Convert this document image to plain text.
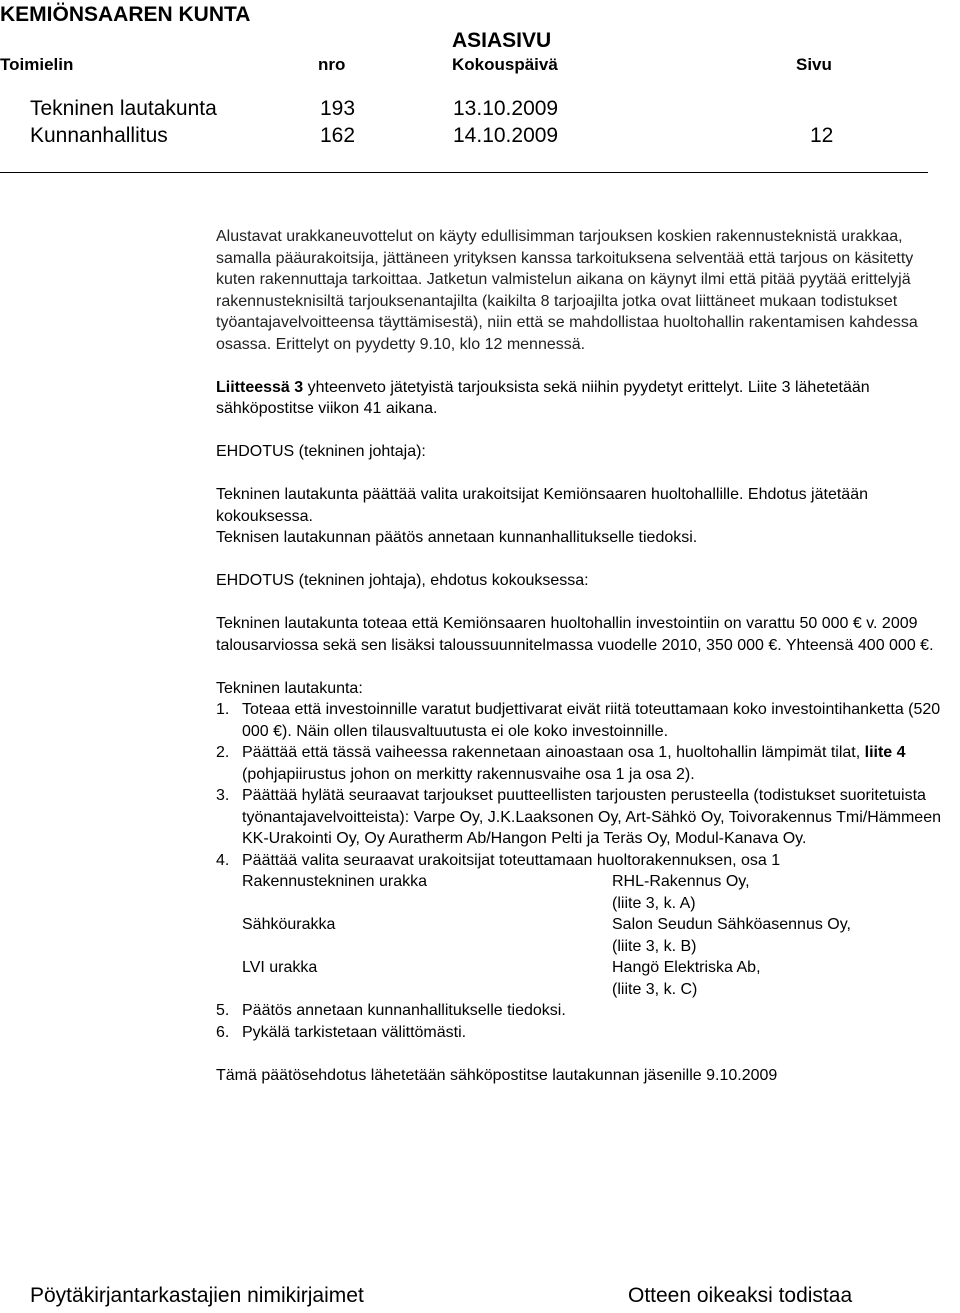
KEMIÖNSAAREN KUNTA
ASIASIVU
Toimielin	nro	Kokouspäivä	Sivu
Tekninen lautakunta	193	13.10.2009
Kunnanhallitus	162	14.10.2009	12

Alustavat urakkaneuvottelut on käyty edullisimman tarjouksen koskien rakennusteknistä urakkaa, samalla pääurakoitsija, jättäneen yrityksen kanssa tarkoituksena selventää että tarjous on käsitetty kuten rakennuttaja tarkoittaa. Jatketun valmistelun aikana on käynyt ilmi että pitää pyytää erittelyjä rakennusteknisiltä tarjouksenantajilta (kaikilta 8 tarjoajilta jotka ovat liittäneet mukaan todistukset työantajavelvoitteensa täyttämisestä), niin että se mahdollistaa huoltohallin rakentamisen kahdessa osassa. Erittelyt on pyydetty 9.10, klo 12 mennessä.

Liitteessä 3 yhteenveto jätetyistä tarjouksista sekä niihin pyydetyt erittelyt. Liite 3 lähetetään sähköpostitse viikon 41 aikana.

EHDOTUS (tekninen johtaja):

Tekninen lautakunta päättää valita urakoitsijat Kemiönsaaren huoltohallille. Ehdotus jätetään kokouksessa.

Teknisen lautakunnan päätös annetaan kunnanhallitukselle tiedoksi.

EHDOTUS (tekninen johtaja), ehdotus kokouksessa:

Tekninen lautakunta toteaa että Kemiönsaaren huoltohallin investointiin on varattu 50 000 € v. 2009 talousarviossa sekä sen lisäksi taloussuunnitelmassa vuodelle 2010, 350 000 €. Yhteensä 400 000 €.

Tekninen lautakunta:

1. Toteaa että investoinnille varatut budjettivarat eivät riitä toteuttamaan koko investointihanketta (520 000 €). Näin ollen tilausvaltuutusta ei ole koko investoinnille.
2. Päättää että tässä vaiheessa rakennetaan ainoastaan osa 1, huoltohallin lämpimät tilat, liite 4 (pohjapiirustus johon on merkitty rakennusvaihe osa 1 ja osa 2).
3. Päättää hylätä seuraavat tarjoukset puutteellisten tarjousten perusteella (todistukset suoritetuista työnantajavelvoitteista): Varpe Oy, J.K.Laaksonen Oy, Art-Sähkö Oy, Toivorakennus Tmi/Hämmeen KK-Urakointi Oy, Oy Auratherm Ab/Hangon Pelti ja Teräs Oy, Modul-Kanava Oy.
4. Päättää valita seuraavat urakoitsijat toteuttamaan huoltorakennuksen, osa 1
Rakennustekninen urakka	RHL-Rakennus Oy,
(liite 3, k. A)
Sähköurakka	Salon Seudun Sähköasennus Oy,
(liite 3, k. B)
LVI urakka	Hangö Elektriska Ab,
(liite 3, k. C)
5. Päätös annetaan kunnanhallitukselle tiedoksi.
6. Pykälä tarkistetaan välittömästi.

Tämä päätösehdotus lähetetään sähköpostitse lautakunnan jäsenille 9.10.2009

Pöytäkirjantarkastajien nimikirjaimet	Otteen oikeaksi todistaa
